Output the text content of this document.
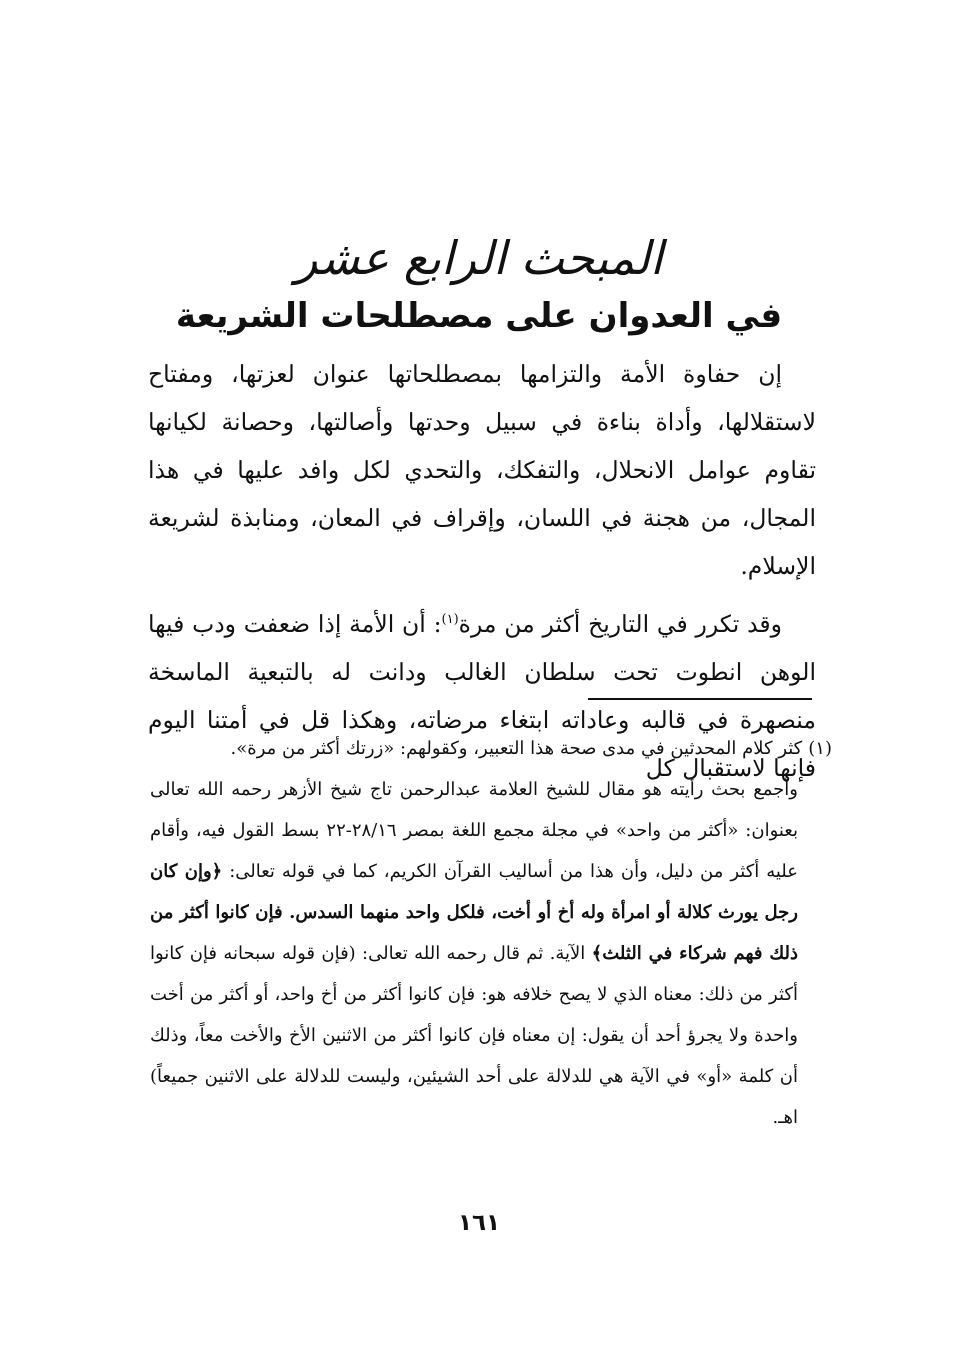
المبحث الرابع عشر
في العدوان على مصطلحات الشريعة

إن حفاوة الأمة والتزامها بمصطلحاتها عنوان لعزتها، ومفتاح لاستقلالها، وأداة بناءة في سبيل وحدتها وأصالتها، وحصانة لكيانها تقاوم عوامل الانحلال، والتفكك، والتحدي لكل وافد عليها في هذا المجال، من هجنة في اللسان، وإقراف في المعان، ومنابذة لشريعة الإسلام.

وقد تكرر في التاريخ أكثر من مرة$^{(١)}$: أن الأمة إذا ضعفت ودب فيها الوهن انطوت تحت سلطان الغالب ودانت له بالتبعية الماسخة منصهرة في قالبه وعاداته ابتغاء مرضاته، وهكذا قل في أمتنا اليوم فإنها لاستقبال كل

(١)كثر كلام المحدثين في مدى صحة هذا التعبير، وكقولهم: «زرتك أكثر من مرة».

وأجمع بحث رأيته هو مقال للشيخ العلامة عبدالرحمن تاج شيخ الأزهر رحمه الله تعالى بعنوان: «أكثر من واحد» في مجلة مجمع اللغة بمصر ٢٨/١٦-٢٢ بسط القول فيه، وأقام عليه أكثر من دليل، وأن هذا من أساليب القرآن الكريم، كما في قوله تعالى: ﴿وإن كان رجل يورث كلالة أو امرأة وله أخ أو أخت، فلكل واحد منهما السدس. فإن كانوا أكثر من ذلك فهم شركاء في الثلث﴾ الآية. ثم قال رحمه الله تعالى: (فإن قوله سبحانه فإن كانوا أكثر من ذلك: معناه الذي لا يصح خلافه هو: فإن كانوا أكثر من أخ واحد، أو أكثر من أخت واحدة ولا يجرؤ أحد أن يقول: إن معناه فإن كانوا أكثر من الاثنين الأخ والأخت معاً، وذلك أن كلمة «أو» في الآية هي للدلالة على أحد الشيئين، وليست للدلالة على الاثنين جميعاً) اهـ.

١٦١
